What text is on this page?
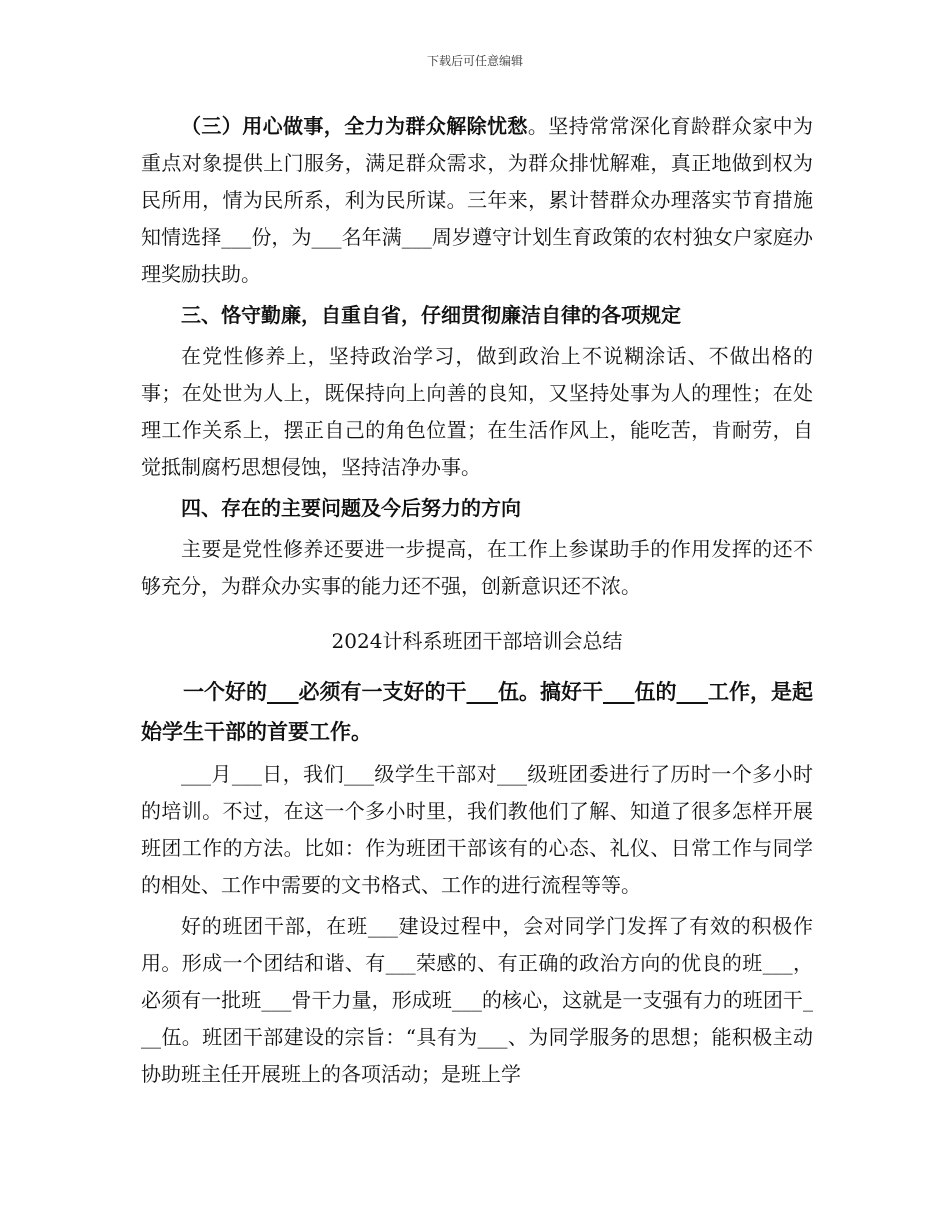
下载后可任意编辑

（三）用心做事，全力为群众解除忧愁。坚持常常深化育龄群众家中为重点对象提供上门服务，满足群众需求，为群众排忧解难，真正地做到权为民所用，情为民所系，利为民所谋。三年来，累计替群众办理落实节育措施知情选择___份，为___名年满___周岁遵守计划生育政策的农村独女户家庭办理奖励扶助。

三、恪守勤廉，自重自省，仔细贯彻廉洁自律的各项规定

在党性修养上，坚持政治学习，做到政治上不说糊涂话、不做出格的事；在处世为人上，既保持向上向善的良知，又坚持处事为人的理性；在处理工作关系上，摆正自己的角色位置；在生活作风上，能吃苦，肯耐劳，自觉抵制腐朽思想侵蚀，坚持洁净办事。

四、存在的主要问题及今后努力的方向

主要是党性修养还要进一步提高，在工作上参谋助手的作用发挥的还不够充分，为群众办实事的能力还不强，创新意识还不浓。

2024计科系班团干部培训会总结

一个好的___必须有一支好的干___伍。搞好干___伍的___工作，是起始学生干部的首要工作。

___月___日，我们___级学生干部对___级班团委进行了历时一个多小时的培训。不过，在这一个多小时里，我们教他们了解、知道了很多怎样开展班团工作的方法。比如：作为班团干部该有的心态、礼仪、日常工作与同学的相处、工作中需要的文书格式、工作的进行流程等等。

好的班团干部，在班___建设过程中，会对同学门发挥了有效的积极作用。形成一个团结和谐、有___荣感的、有正确的政治方向的优良的班___，必须有一批班___骨干力量，形成班___的核心，这就是一支强有力的班团干___伍。班团干部建设的宗旨：“具有为___、为同学服务的思想；能积极主动协助班主任开展班上的各项活动；是班上学
